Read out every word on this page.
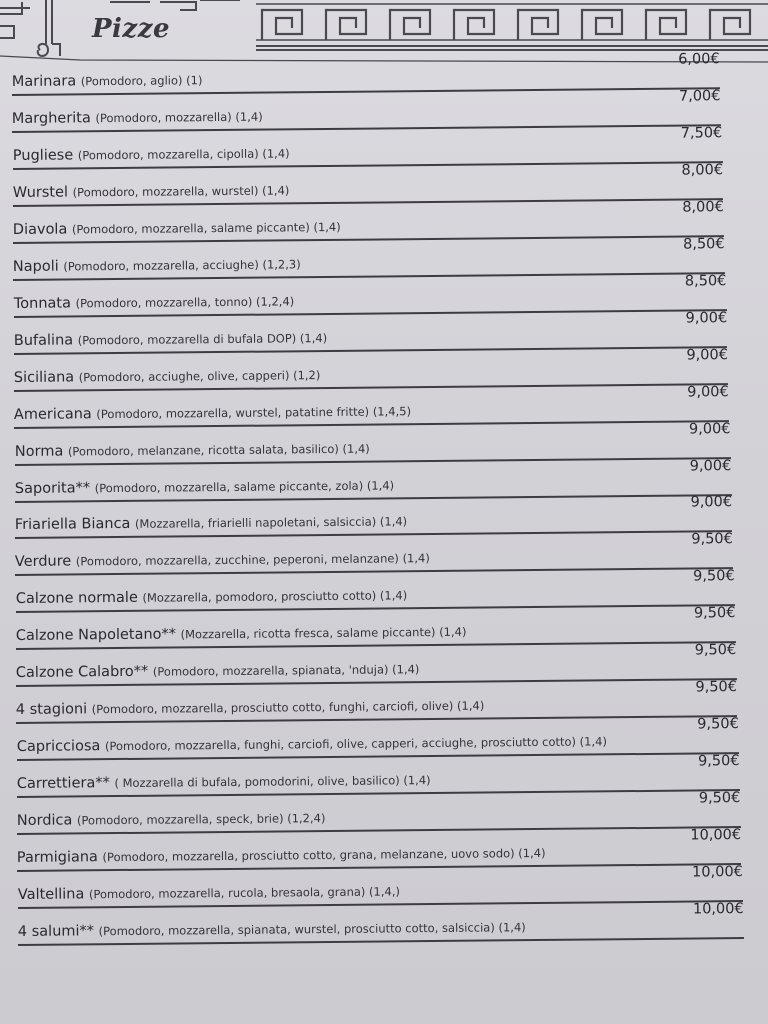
Pizze
Marinara (Pomodoro, aglio) (1)
6,00€
Margherita (Pomodoro, mozzarella) (1,4)
7,00€
Pugliese (Pomodoro, mozzarella, cipolla) (1,4)
7,50€
Wurstel (Pomodoro, mozzarella, wurstel) (1,4)
8,00€
Diavola (Pomodoro, mozzarella, salame piccante) (1,4)
8,00€
Napoli (Pomodoro, mozzarella, acciughe) (1,2,3)
8,50€
Tonnata (Pomodoro, mozzarella, tonno) (1,2,4)
8,50€
Bufalina (Pomodoro, mozzarella di bufala DOP) (1,4)
9,00€
Siciliana (Pomodoro, acciughe, olive, capperi) (1,2)
9,00€
Americana (Pomodoro, mozzarella, wurstel, patatine fritte) (1,4,5)
9,00€
Norma (Pomodoro, melanzane, ricotta salata, basilico) (1,4)
9,00€
Saporita** (Pomodoro, mozzarella, salame piccante, zola) (1,4)
9,00€
Friariella Bianca (Mozzarella, friarielli napoletani, salsiccia) (1,4)
9,00€
Verdure (Pomodoro, mozzarella, zucchine, peperoni, melanzane) (1,4)
9,50€
Calzone normale (Mozzarella, pomodoro, prosciutto cotto) (1,4)
9,50€
Calzone Napoletano** (Mozzarella, ricotta fresca, salame piccante) (1,4)
9,50€
Calzone Calabro** (Pomodoro, mozzarella, spianata, 'nduja) (1,4)
9,50€
4 stagioni (Pomodoro, mozzarella, prosciutto cotto, funghi, carciofi, olive) (1,4)
9,50€
Capricciosa (Pomodoro, mozzarella, funghi, carciofi, olive, capperi, acciughe, prosciutto cotto) (1,4)
9,50€
Carrettiera** ( Mozzarella di bufala, pomodorini, olive, basilico) (1,4)
9,50€
Nordica (Pomodoro, mozzarella, speck, brie) (1,2,4)
9,50€
Parmigiana (Pomodoro, mozzarella, prosciutto cotto, grana, melanzane, uovo sodo) (1,4)
10,00€
Valtellina (Pomodoro, mozzarella, rucola, bresaola, grana) (1,4,)
10,00€
4 salumi** (Pomodoro, mozzarella, spianata, wurstel, prosciutto cotto, salsiccia) (1,4)
10,00€
